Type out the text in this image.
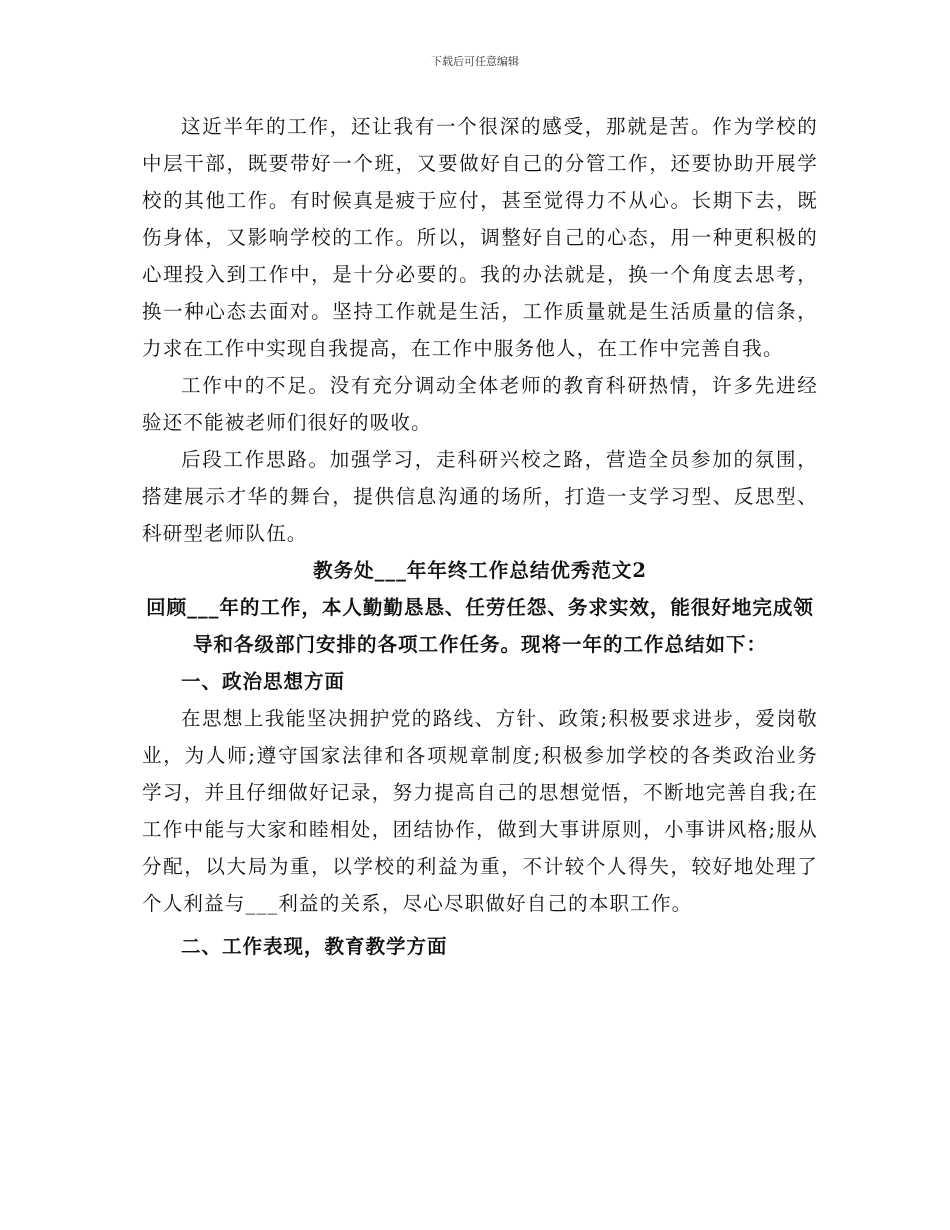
下载后可任意编辑

这近半年的工作，还让我有一个很深的感受，那就是苦。作为学校的中层干部，既要带好一个班，又要做好自己的分管工作，还要协助开展学校的其他工作。有时候真是疲于应付，甚至觉得力不从心。长期下去，既伤身体，又影响学校的工作。所以，调整好自己的心态，用一种更积极的心理投入到工作中，是十分必要的。我的办法就是，换一个角度去思考，换一种心态去面对。坚持工作就是生活，工作质量就是生活质量的信条，力求在工作中实现自我提高，在工作中服务他人，在工作中完善自我。

工作中的不足。没有充分调动全体老师的教育科研热情，许多先进经验还不能被老师们很好的吸收。

后段工作思路。加强学习，走科研兴校之路，营造全员参加的氛围，搭建展示才华的舞台，提供信息沟通的场所，打造一支学习型、反思型、科研型老师队伍。

教务处___年年终工作总结优秀范文2

回顾___年的工作，本人勤勤恳恳、任劳任怨、务求实效，能很好地完成领导和各级部门安排的各项工作任务。现将一年的工作总结如下：

一、政治思想方面

在思想上我能坚决拥护党的路线、方针、政策;积极要求进步，爱岗敬业，为人师;遵守国家法律和各项规章制度;积极参加学校的各类政治业务学习，并且仔细做好记录，努力提高自己的思想觉悟，不断地完善自我;在工作中能与大家和睦相处，团结协作，做到大事讲原则，小事讲风格;服从分配，以大局为重，以学校的利益为重，不计较个人得失，较好地处理了个人利益与___利益的关系，尽心尽职做好自己的本职工作。

二、工作表现，教育教学方面
